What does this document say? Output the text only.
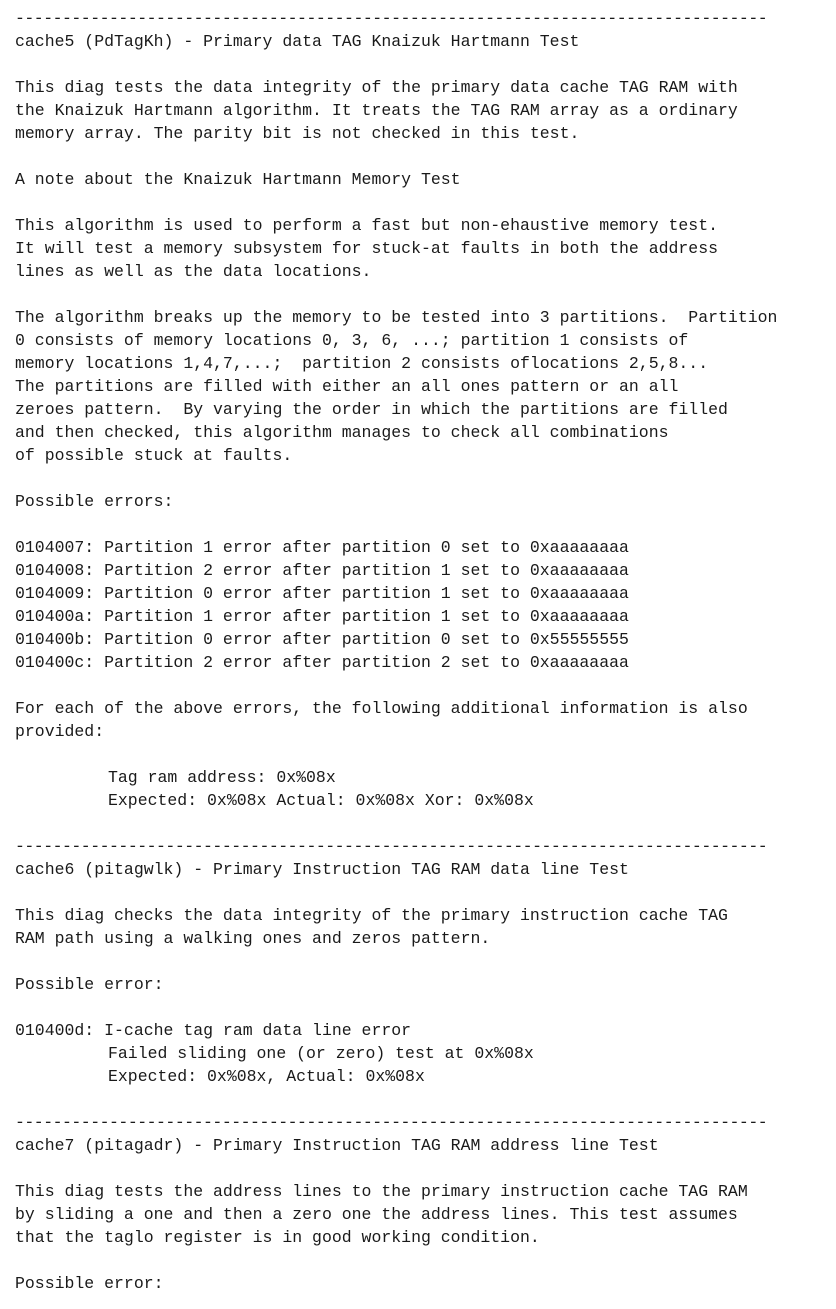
--------------------------------------------------------------------------------
cache5 (PdTagKh) - Primary data TAG Knaizuk Hartmann Test
This diag tests the data integrity of the primary data cache TAG RAM with
the Knaizuk Hartmann algorithm. It treats the TAG RAM array as a ordinary
memory array. The parity bit is not checked in this test.
A note about the Knaizuk Hartmann Memory Test
This algorithm is used to perform a fast but non-ehaustive memory test.
It will test a memory subsystem for stuck-at faults in both the address
lines as well as the data locations.
The algorithm breaks up the memory to be tested into 3 partitions.  Partition
0 consists of memory locations 0, 3, 6, ...; partition 1 consists of
memory locations 1,4,7,...;  partition 2 consists oflocations 2,5,8...
The partitions are filled with either an all ones pattern or an all
zeroes pattern.  By varying the order in which the partitions are filled
and then checked, this algorithm manages to check all combinations
of possible stuck at faults.
Possible errors:
0104007: Partition 1 error after partition 0 set to 0xaaaaaaaa
0104008: Partition 2 error after partition 1 set to 0xaaaaaaaa
0104009: Partition 0 error after partition 1 set to 0xaaaaaaaa
010400a: Partition 1 error after partition 1 set to 0xaaaaaaaa
010400b: Partition 0 error after partition 0 set to 0x55555555
010400c: Partition 2 error after partition 2 set to 0xaaaaaaaa
For each of the above errors, the following additional information is also
provided:
Tag ram address: 0x%08x
Expected: 0x%08x Actual: 0x%08x Xor: 0x%08x
--------------------------------------------------------------------------------
cache6 (pitagwlk) - Primary Instruction TAG RAM data line Test
This diag checks the data integrity of the primary instruction cache TAG
RAM path using a walking ones and zeros pattern.
Possible error:
010400d: I-cache tag ram data line error
Failed sliding one (or zero) test at 0x%08x
Expected: 0x%08x, Actual: 0x%08x
--------------------------------------------------------------------------------
cache7 (pitagadr) - Primary Instruction TAG RAM address line Test
This diag tests the address lines to the primary instruction cache TAG RAM
by sliding a one and then a zero one the address lines. This test assumes
that the taglo register is in good working condition.
Possible error:
